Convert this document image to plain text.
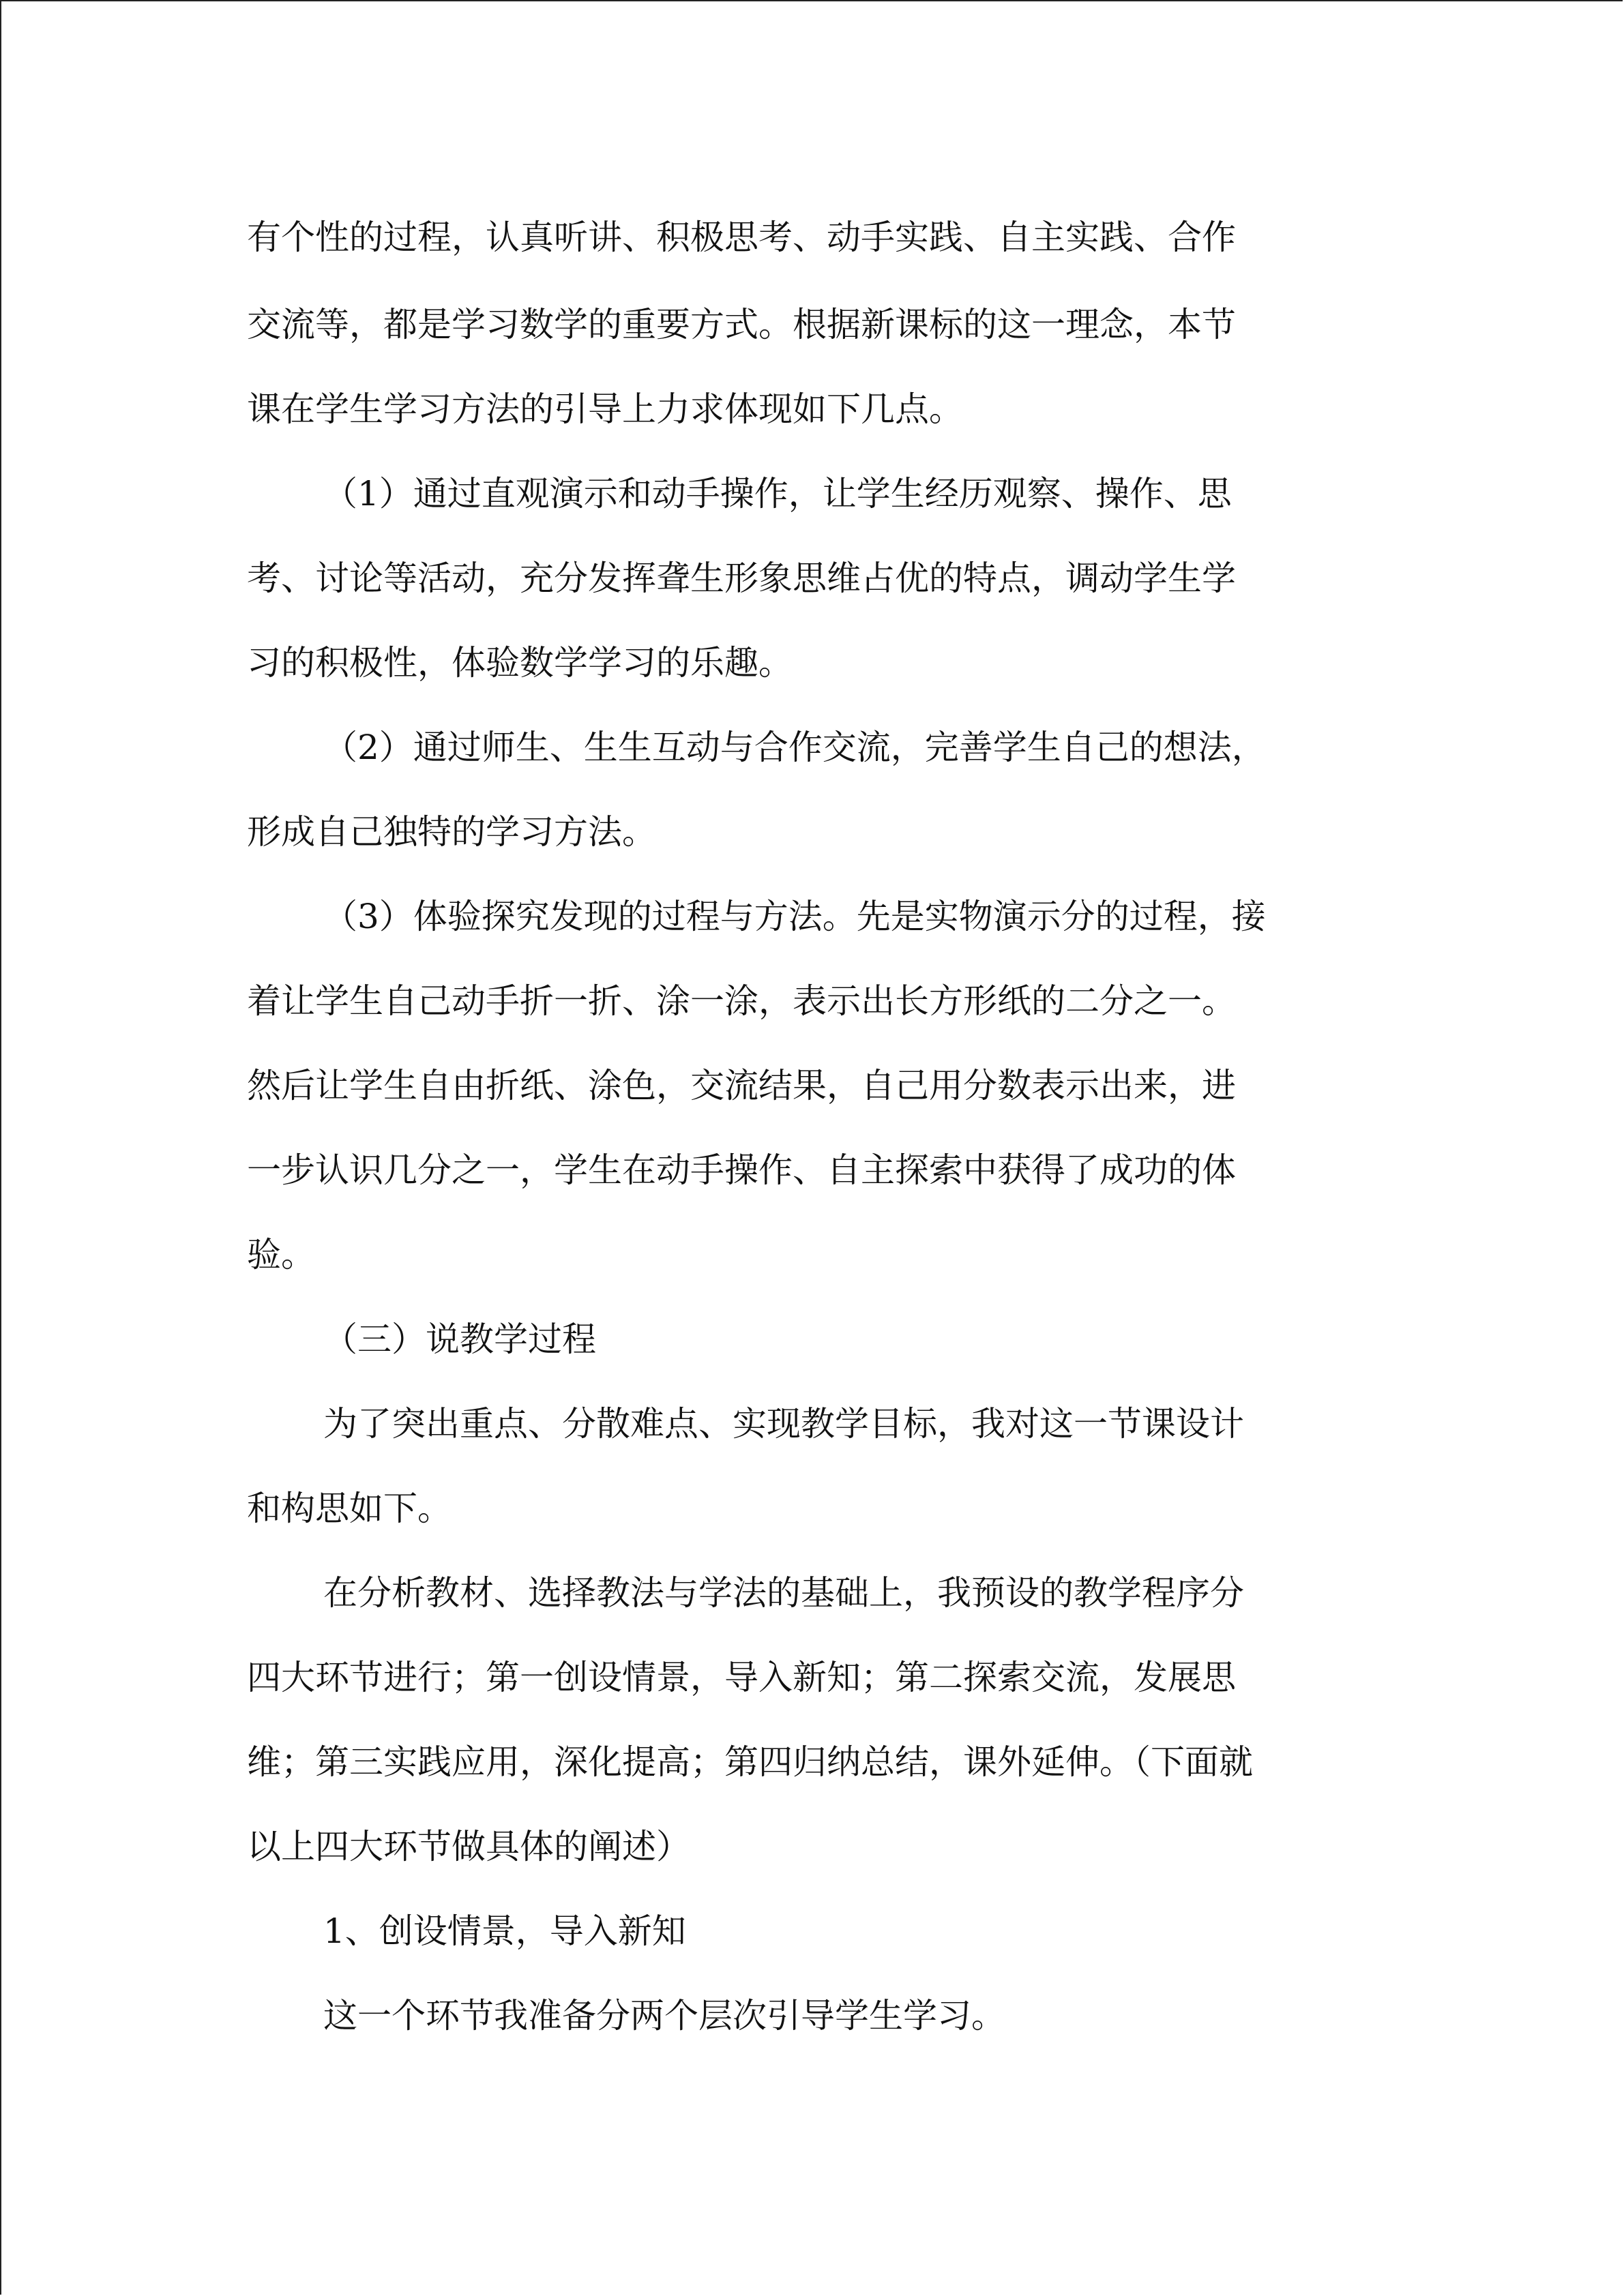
有个性的过程，认真听讲、积极思考、动手实践、自主实践、合作
交流等，都是学习数学的重要方式。根据新课标的这一理念，本节
课在学生学习方法的引导上力求体现如下几点。
（1）通过直观演示和动手操作，让学生经历观察、操作、思
考、讨论等活动，充分发挥聋生形象思维占优的特点，调动学生学
习的积极性，体验数学学习的乐趣。
（2）通过师生、生生互动与合作交流，完善学生自己的想法，
形成自己独特的学习方法。
（3）体验探究发现的过程与方法。先是实物演示分的过程，接
着让学生自己动手折一折、涂一涂，表示出长方形纸的二分之一。
然后让学生自由折纸、涂色，交流结果，自己用分数表示出来，进
一步认识几分之一，学生在动手操作、自主探索中获得了成功的体
验。
（三）说教学过程
为了突出重点、分散难点、实现教学目标，我对这一节课设计
和构思如下。
在分析教材、选择教法与学法的基础上，我预设的教学程序分
四大环节进行；第一创设情景，导入新知；第二探索交流，发展思
维；第三实践应用，深化提高；第四归纳总结，课外延伸。（下面就
以上四大环节做具体的阐述）
1、创设情景，导入新知
这一个环节我准备分两个层次引导学生学习。
